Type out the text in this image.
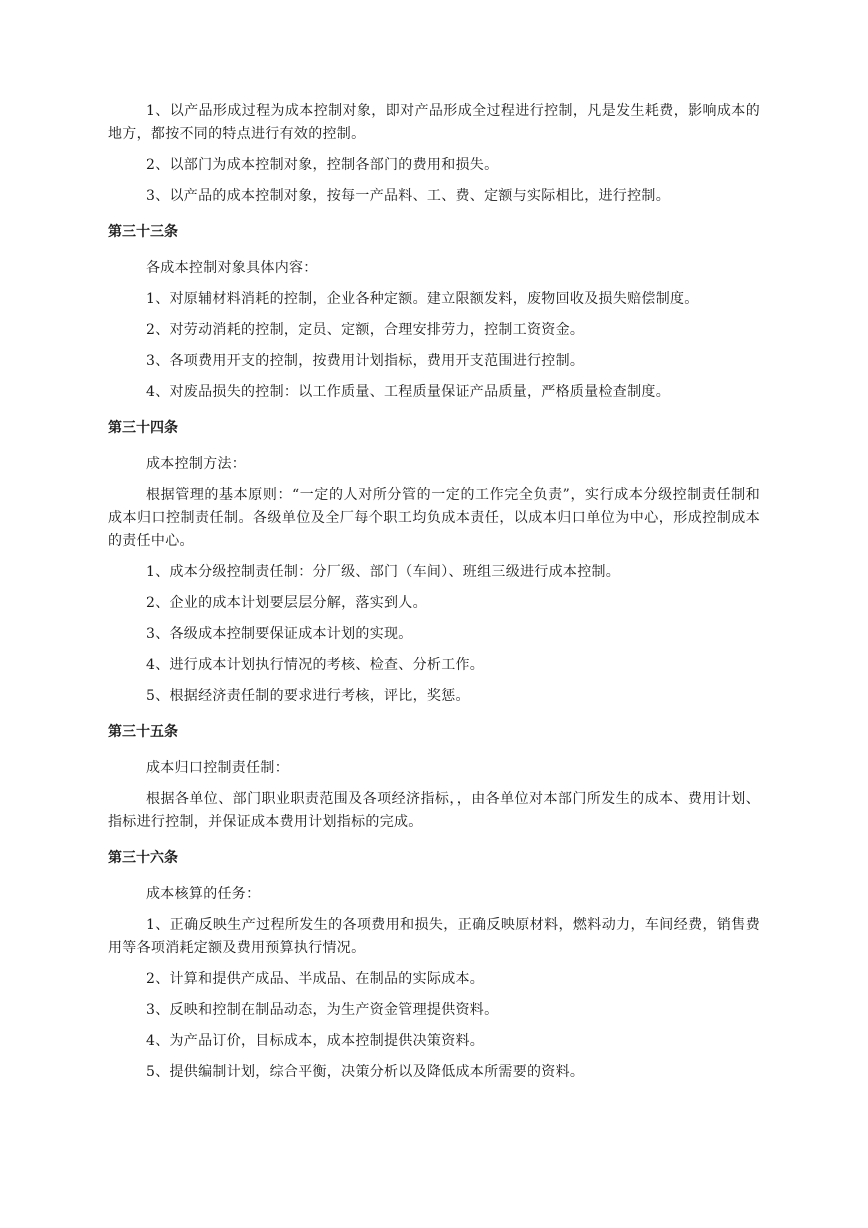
1、以产品形成过程为成本控制对象，即对产品形成全过程进行控制，凡是发生耗费，影响成本的地方，都按不同的特点进行有效的控制。

2、以部门为成本控制对象，控制各部门的费用和损失。

3、以产品的成本控制对象，按每一产品料、工、费、定额与实际相比，进行控制。

第三十三条

各成本控制对象具体内容：

1、对原辅材料消耗的控制，企业各种定额。建立限额发料，废物回收及损失赔偿制度。

2、对劳动消耗的控制，定员、定额，合理安排劳力，控制工资资金。

3、各项费用开支的控制，按费用计划指标，费用开支范围进行控制。

4、对废品损失的控制：以工作质量、工程质量保证产品质量，严格质量检查制度。

第三十四条

成本控制方法：

根据管理的基本原则：“一定的人对所分管的一定的工作完全负责”，实行成本分级控制责任制和成本归口控制责任制。各级单位及全厂每个职工均负成本责任，以成本归口单位为中心，形成控制成本的责任中心。

1、成本分级控制责任制：分厂级、部门（车间）、班组三级进行成本控制。

2、企业的成本计划要层层分解，落实到人。

3、各级成本控制要保证成本计划的实现。

4、进行成本计划执行情况的考核、检查、分析工作。

5、根据经济责任制的要求进行考核，评比，奖惩。

第三十五条

成本归口控制责任制：

根据各单位、部门职业职责范围及各项经济指标，，由各单位对本部门所发生的成本、费用计划、指标进行控制，并保证成本费用计划指标的完成。

第三十六条

成本核算的任务：

1、正确反映生产过程所发生的各项费用和损失，正确反映原材料，燃料动力，车间经费，销售费用等各项消耗定额及费用预算执行情况。

2、计算和提供产成品、半成品、在制品的实际成本。

3、反映和控制在制品动态，为生产资金管理提供资料。

4、为产品订价，目标成本，成本控制提供决策资料。

5、提供编制计划，综合平衡，决策分析以及降低成本所需要的资料。
